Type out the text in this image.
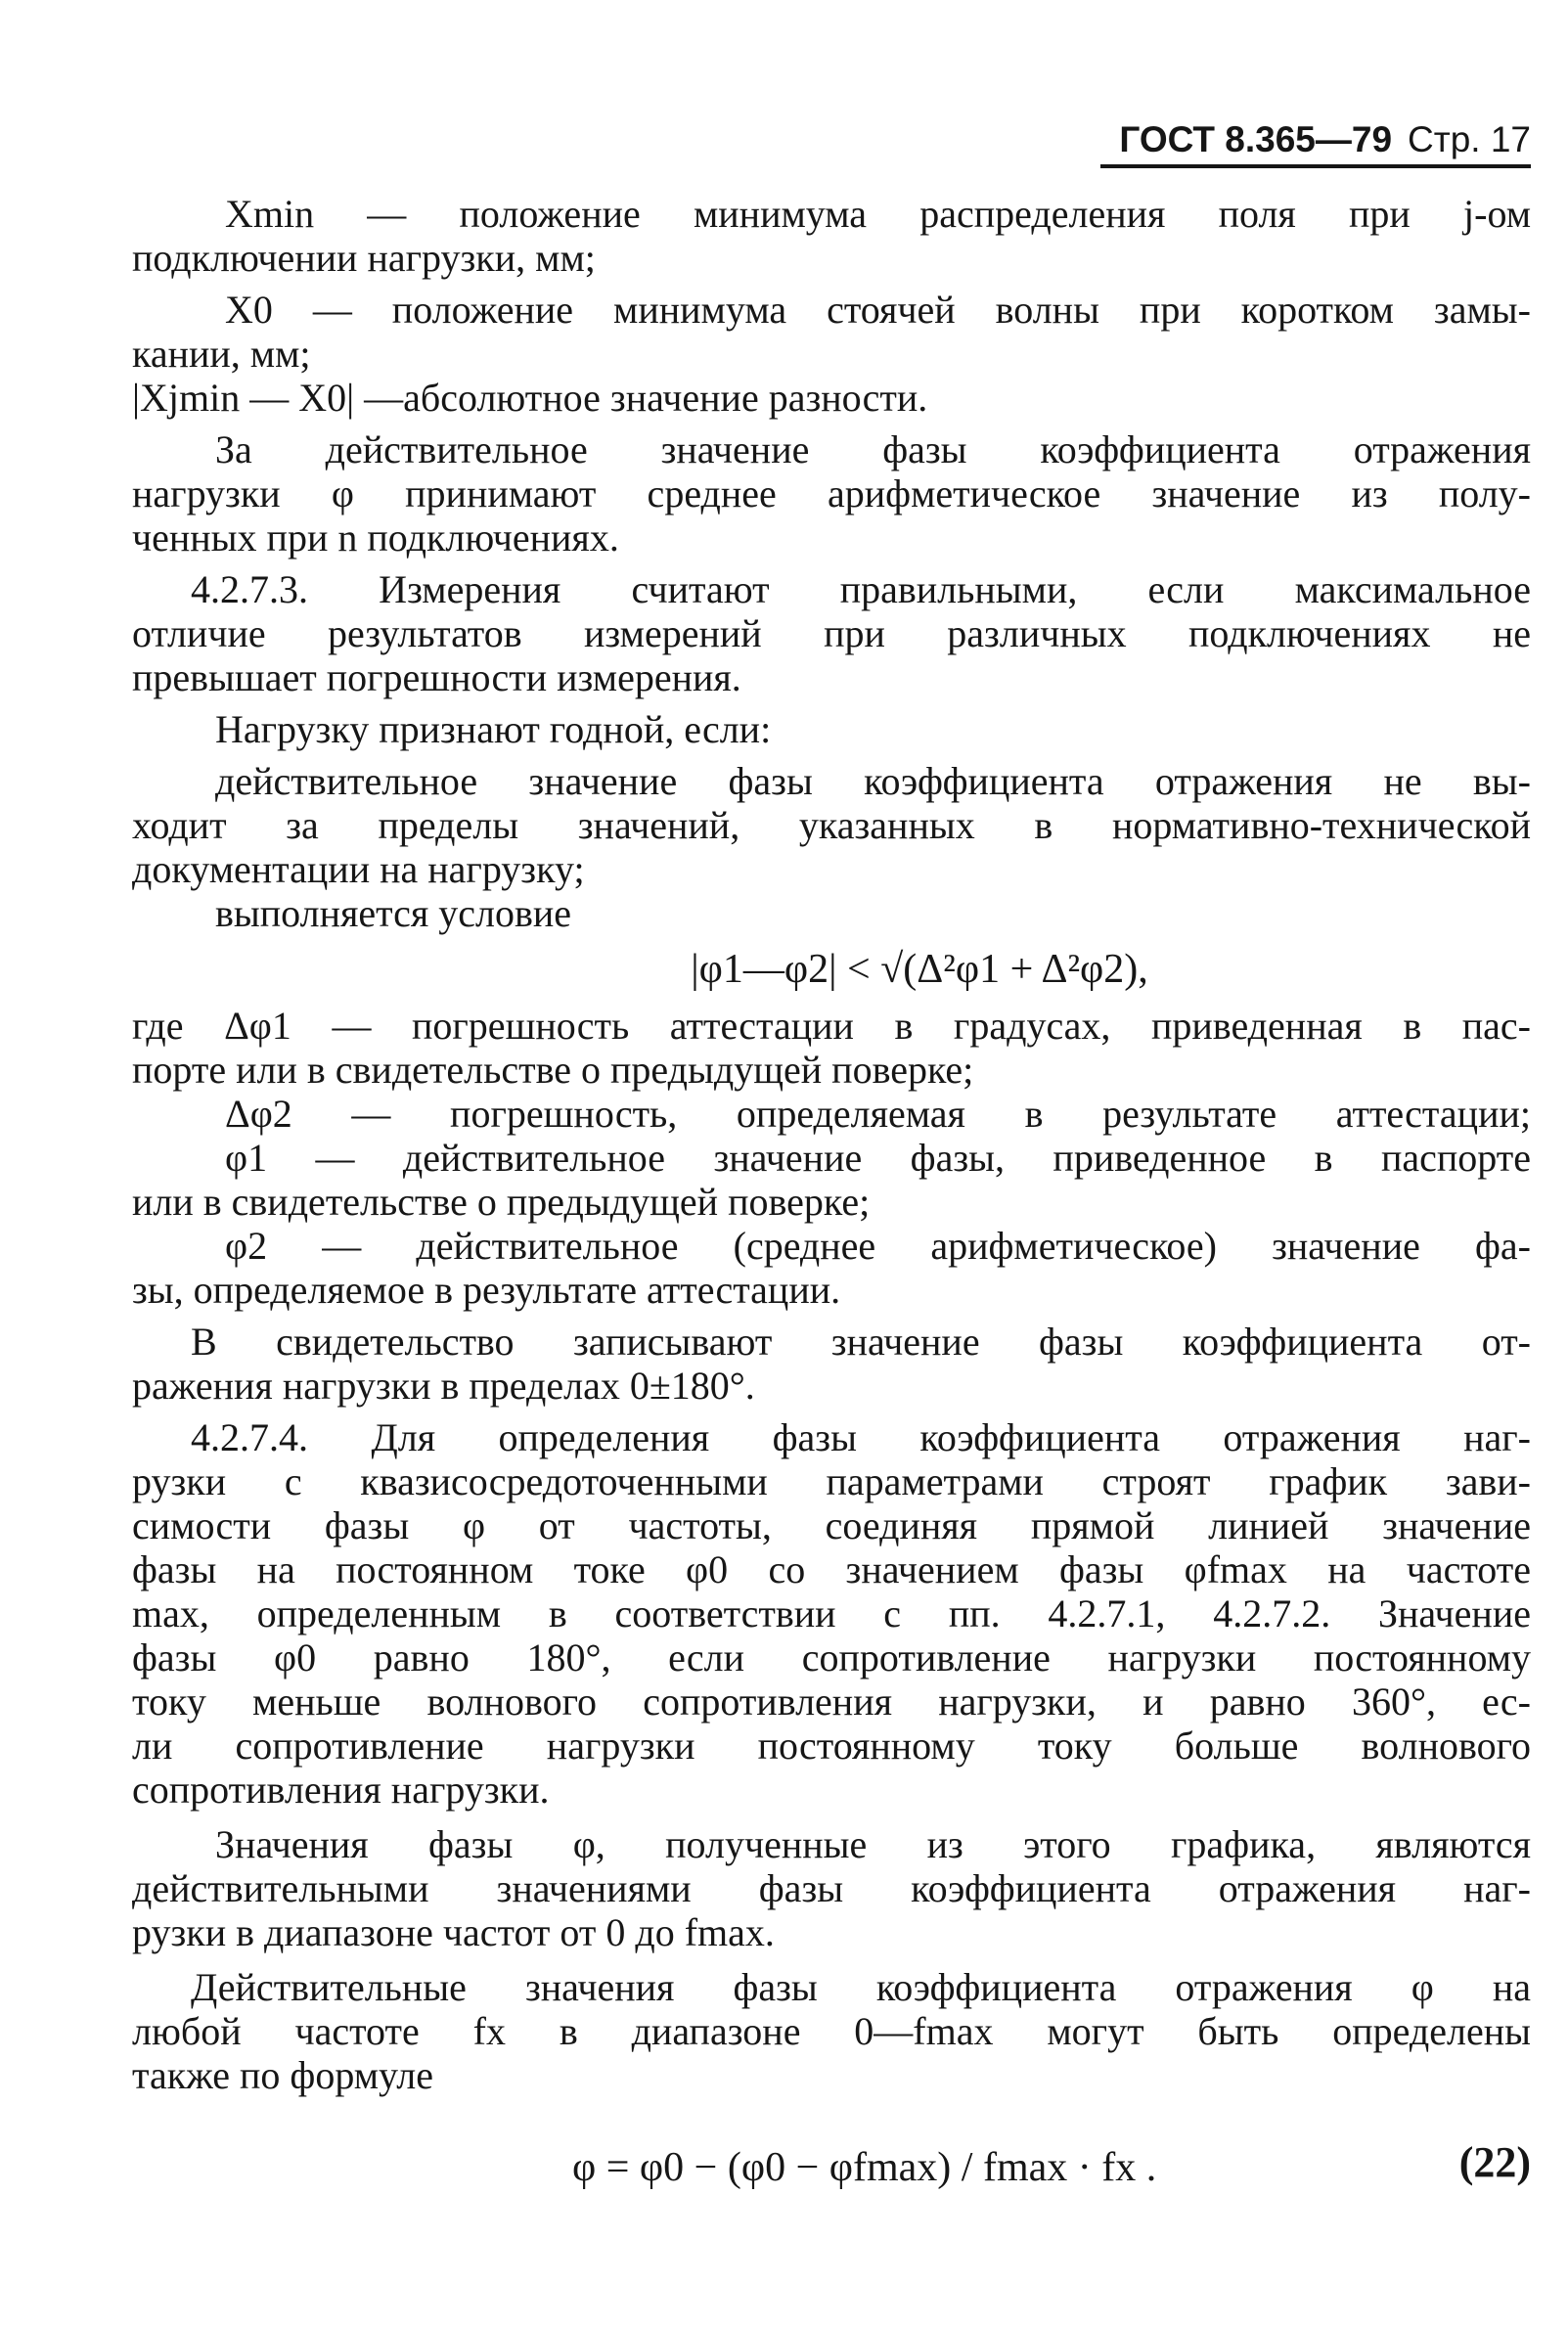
ГОСТ 8.365—79 Стр. 17
Xmin — положение минимума распределения поля при j-ом
подключении нагрузки, мм;
X0 — положение минимума стоячей волны при коротком замы-
кании, мм;
|Xjmin — X0| —абсолютное значение разности.
За действительное значение фазы коэффициента отражения
нагрузки φ принимают среднее арифметическое значение из полу-
ченных при n подключениях.
4.2.7.3. Измерения считают правильными, если максимальное
отличие результатов измерений при различных подключениях не
превышает погрешности измерения.
Нагрузку признают годной, если:
действительное значение фазы коэффициента отражения не вы-
ходит за пределы значений, указанных в нормативно-технической
документации на нагрузку;
выполняется условие
|φ1—φ2| < √(Δ²φ1 + Δ²φ2),
где Δφ1 — погрешность аттестации в градусах, приведенная в пас-
порте или в свидетельстве о предыдущей поверке;
Δφ2 — погрешность, определяемая в результате аттестации;
φ1 — действительное значение фазы, приведенное в паспорте
или в свидетельстве о предыдущей поверке;
φ2 — действительное (среднее арифметическое) значение фа-
зы, определяемое в результате аттестации.
В свидетельство записывают значение фазы коэффициента от-
ражения нагрузки в пределах 0±180°.
4.2.7.4. Для определения фазы коэффициента отражения наг-
рузки с квазисосредоточенными параметрами строят график зави-
симости фазы φ от частоты, соединяя прямой линией значение
фазы на постоянном токе φ0 со значением фазы φfmax на частоте
max, определенным в соответствии с пп. 4.2.7.1, 4.2.7.2. Значение
фазы φ0 равно 180°, если сопротивление нагрузки постоянному
току меньше волнового сопротивления нагрузки, и равно 360°, ес-
ли сопротивление нагрузки постоянному току больше волнового
сопротивления нагрузки.
Значения фазы φ, полученные из этого графика, являются
действительными значениями фазы коэффициента отражения наг-
рузки в диапазоне частот от 0 до fmax.
Действительные значения фазы коэффициента отражения φ на
любой частоте fx в диапазоне 0—fmax могут быть определены
также по формуле
φ = φ0 − (φ0 − φfmax) / fmax · fx .	(22)
